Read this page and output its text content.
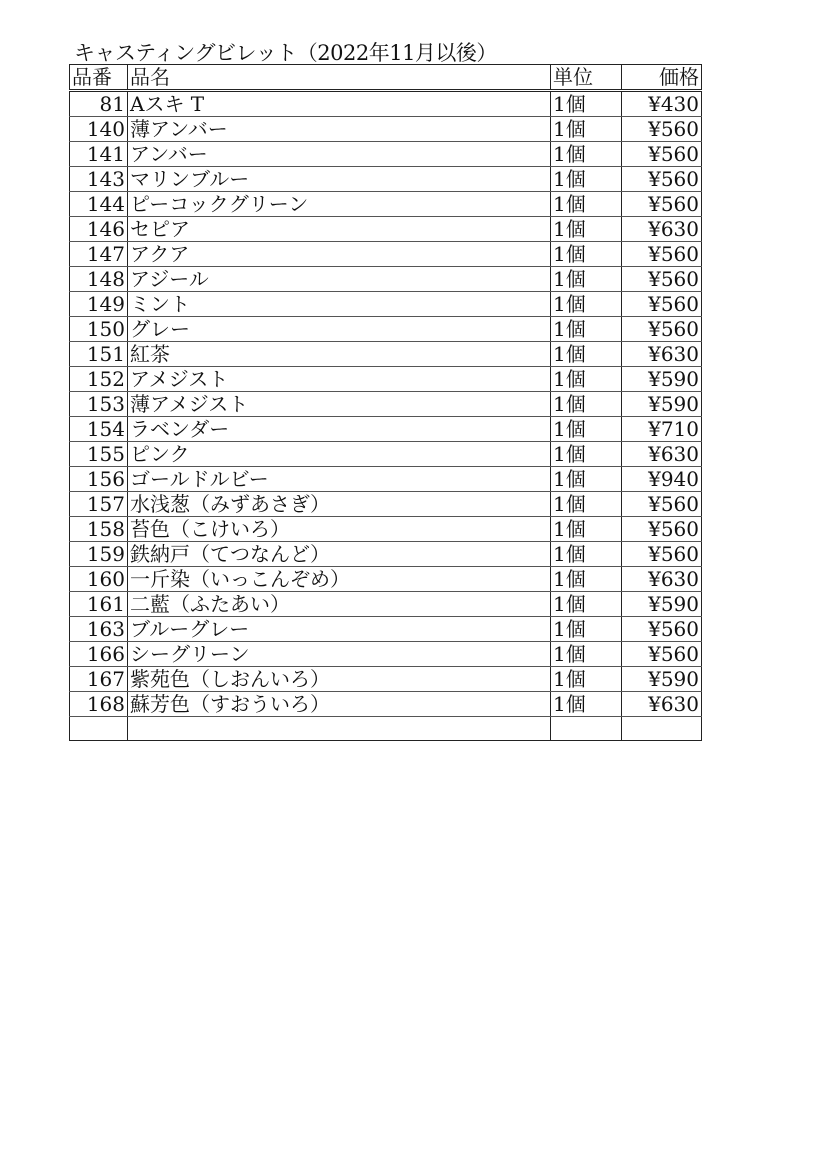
キャスティングビレット（2022年11月以後）
品番	品名	単位	価格
81	Aスキ T	1個	¥430
140	薄アンバー	1個	¥560
141	アンバー	1個	¥560
143	マリンブルー	1個	¥560
144	ピーコックグリーン	1個	¥560
146	セピア	1個	¥630
147	アクア	1個	¥560
148	アジール	1個	¥560
149	ミント	1個	¥560
150	グレー	1個	¥560
151	紅茶	1個	¥630
152	アメジスト	1個	¥590
153	薄アメジスト	1個	¥590
154	ラベンダー	1個	¥710
155	ピンク	1個	¥630
156	ゴールドルビー	1個	¥940
157	水浅葱（みずあさぎ）	1個	¥560
158	苔色（こけいろ）	1個	¥560
159	鉄納戸（てつなんど）	1個	¥560
160	一斤染（いっこんぞめ）	1個	¥630
161	二藍（ふたあい）	1個	¥590
163	ブルーグレー	1個	¥560
166	シーグリーン	1個	¥560
167	紫苑色（しおんいろ）	1個	¥590
168	蘇芳色（すおういろ）	1個	¥630
